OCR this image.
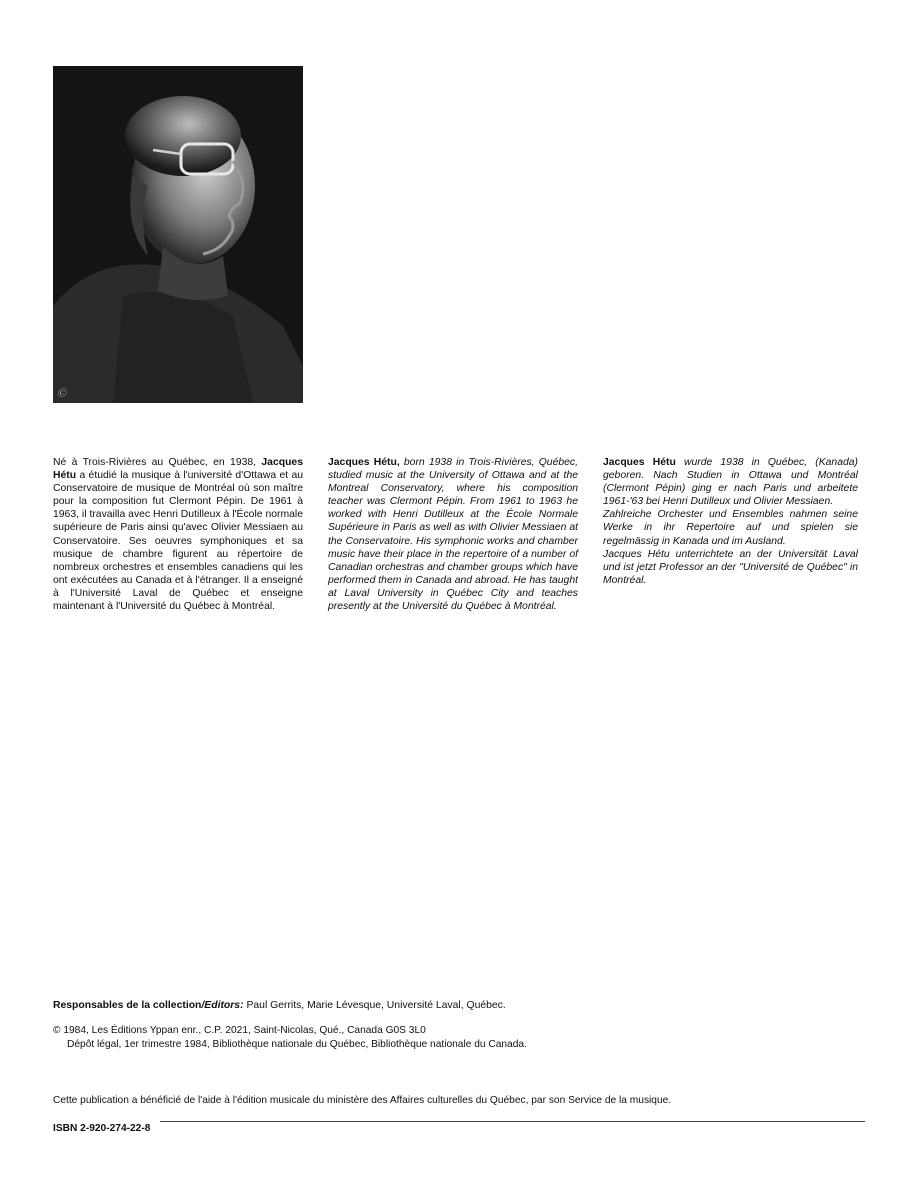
Ⓒ

Né à Trois-Rivières au Québec, en 1938, Jacques Hétu a étudié la musique à l'université d'Ottawa et au Conservatoire de musique de Montréal où son maître pour la composition fut Clermont Pépin. De 1961 à 1963, il travailla avec Henri Dutilleux à l'École normale supérieure de Paris ainsi qu'avec Olivier Messiaen au Conservatoire. Ses oeuvres symphoniques et sa musique de chambre figurent au répertoire de nombreux orchestres et ensembles canadiens qui les ont exécutées au Canada et à l'étranger. Il a enseigné à l'Université Laval de Québec et enseigne maintenant à l'Université du Québec à Montréal.

Jacques Hétu, born 1938 in Trois-Rivières, Québec, studied music at the University of Ottawa and at the Montreal Conservatory, where his composition teacher was Clermont Pépin. From 1961 to 1963 he worked with Henri Dutilleux at the École Normale Supérieure in Paris as well as with Olivier Messiaen at the Conservatoire. His symphonic works and chamber music have their place in the repertoire of a number of Canadian orchestras and chamber groups which have performed them in Canada and abroad. He has taught at Laval University in Québec City and teaches presently at the Université du Québec à Montréal.

Jacques Hétu wurde 1938 in Québec, (Kanada) geboren. Nach Studien in Ottawa und Montréal (Clermont Pépin) ging er nach Paris und arbeitete 1961-'63 bei Henri Dutilleux und Olivier Messiaen.

Zahlreiche Orchester und Ensembles nahmen seine Werke in ihr Repertoire auf und spielen sie regelmässig in Kanada und im Ausland.

Jacques Hétu unterrichtete an der Universität Laval und ist jetzt Professor an der "Université de Québec" in Montréal.

Responsables de la collection/Editors: Paul Gerrits, Marie Lévesque, Université Laval, Québec.

© 1984, Les Éditions Yppan enr., C.P. 2021, Saint-Nicolas, Qué., Canada G0S 3L0
Dépôt légal, 1er trimestre 1984, Bibliothèque nationale du Québec, Bibliothèque nationale du Canada.

Cette publication a bénéficié de l'aide à l'édition musicale du ministère des Affaires culturelles du Québec, par son Service de la musique.

ISBN 2-920-274-22-8
